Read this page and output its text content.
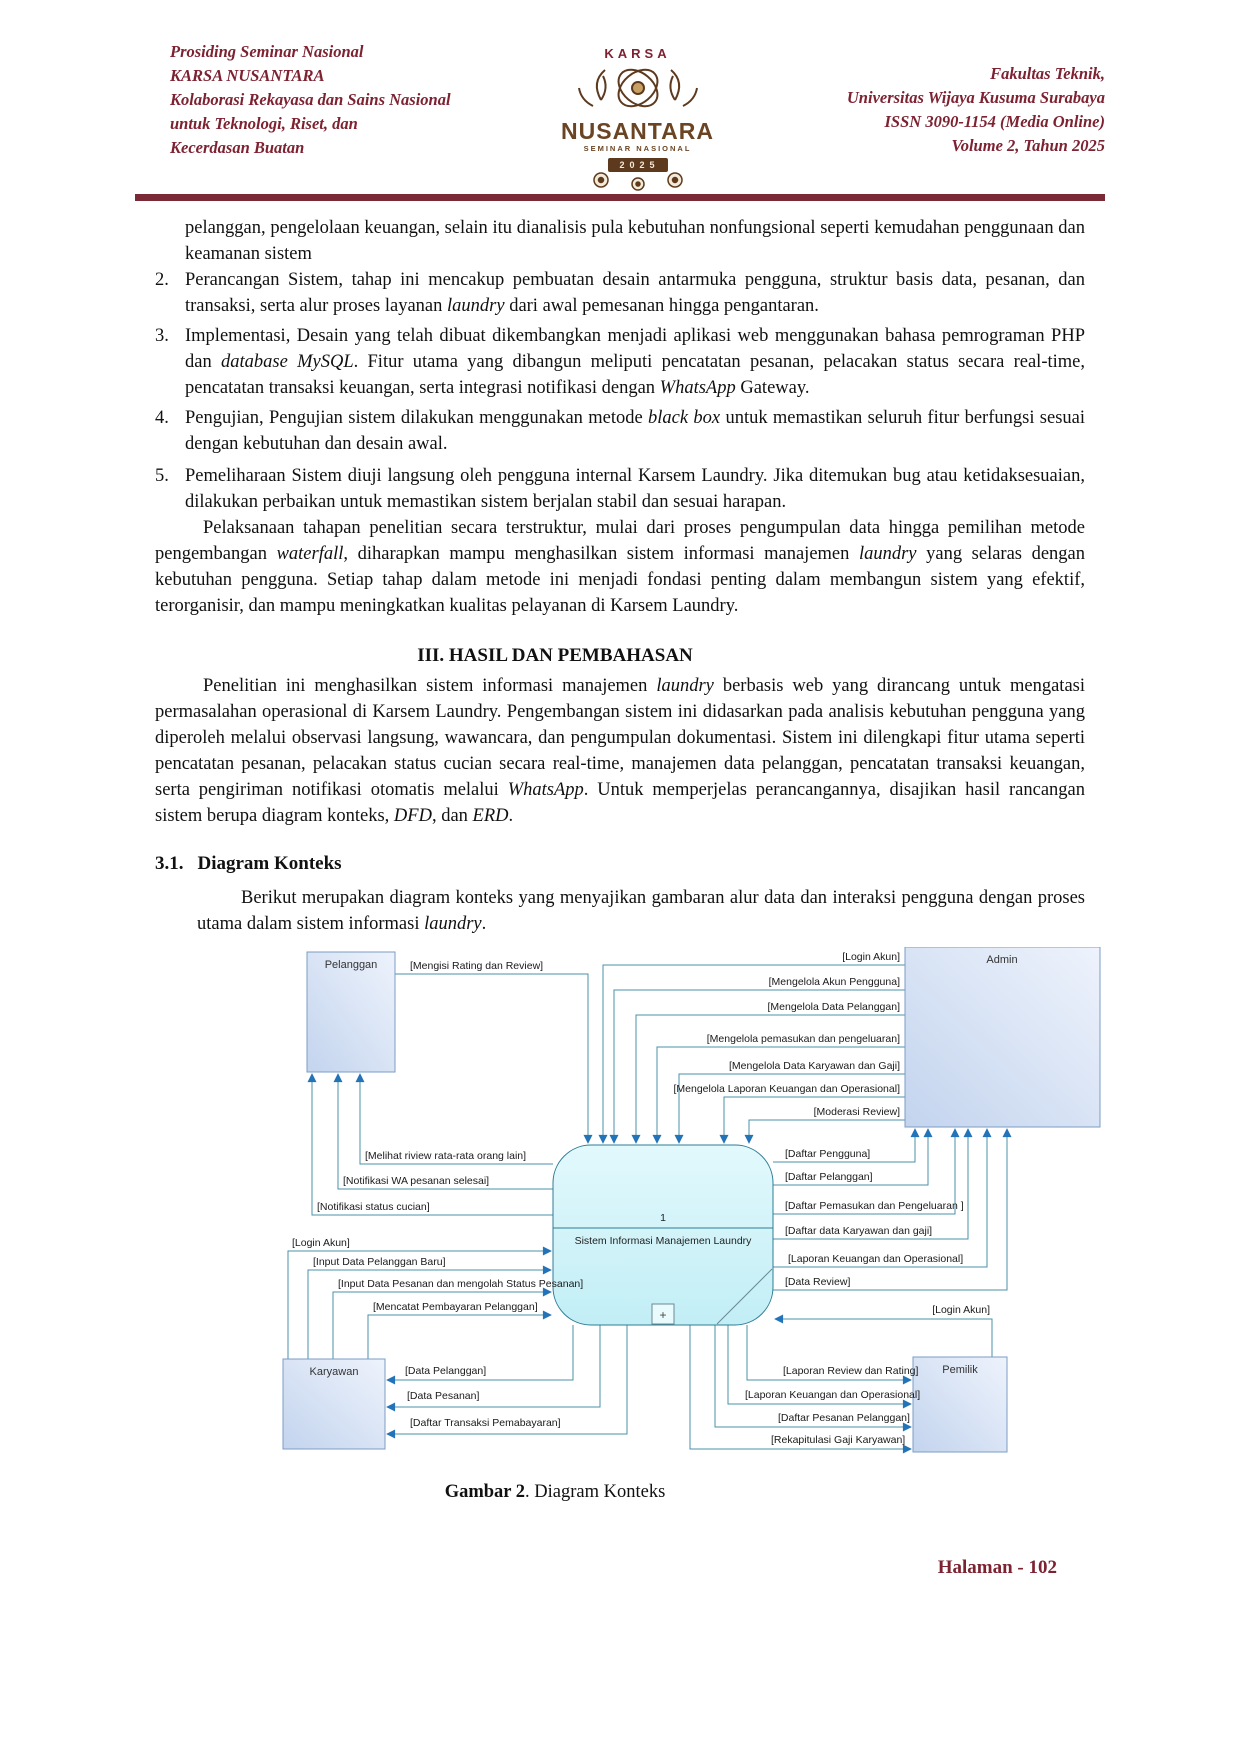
Prosiding Seminar Nasional
KARSA NUSANTARA
Kolaborasi Rekayasa dan Sains Nasional
untuk Teknologi, Riset, dan
Kecerdasan Buatan
KARSA
NUSANTARA
SEMINAR NASIONAL
2025
Fakultas Teknik,
Universitas Wijaya Kusuma Surabaya
ISSN 3090-1154 (Media Online)
Volume 2, Tahun 2025
pelanggan, pengelolaan keuangan, selain itu dianalisis pula kebutuhan nonfungsional seperti kemudahan penggunaan dan keamanan sistem
2. Perancangan Sistem, tahap ini mencakup pembuatan desain antarmuka pengguna, struktur basis data, pesanan, dan transaksi, serta alur proses layanan laundry dari awal pemesanan hingga pengantaran.
3. Implementasi, Desain yang telah dibuat dikembangkan menjadi aplikasi web menggunakan bahasa pemrograman PHP dan database MySQL. Fitur utama yang dibangun meliputi pencatatan pesanan, pelacakan status secara real-time, pencatatan transaksi keuangan, serta integrasi notifikasi dengan WhatsApp Gateway.
4. Pengujian, Pengujian sistem dilakukan menggunakan metode black box untuk memastikan seluruh fitur berfungsi sesuai dengan kebutuhan dan desain awal.
5. Pemeliharaan Sistem diuji langsung oleh pengguna internal Karsem Laundry. Jika ditemukan bug atau ketidaksesuaian, dilakukan perbaikan untuk memastikan sistem berjalan stabil dan sesuai harapan.
Pelaksanaan tahapan penelitian secara terstruktur, mulai dari proses pengumpulan data hingga pemilihan metode pengembangan waterfall, diharapkan mampu menghasilkan sistem informasi manajemen laundry yang selaras dengan kebutuhan pengguna. Setiap tahap dalam metode ini menjadi fondasi penting dalam membangun sistem yang efektif, terorganisir, dan mampu meningkatkan kualitas pelayanan di Karsem Laundry.
III. HASIL DAN PEMBAHASAN
Penelitian ini menghasilkan sistem informasi manajemen laundry berbasis web yang dirancang untuk mengatasi permasalahan operasional di Karsem Laundry. Pengembangan sistem ini didasarkan pada analisis kebutuhan pengguna yang diperoleh melalui observasi langsung, wawancara, dan pengumpulan dokumentasi. Sistem ini dilengkapi fitur utama seperti pencatatan pesanan, pelacakan status cucian secara real-time, manajemen data pelanggan, pencatatan transaksi keuangan, serta pengiriman notifikasi otomatis melalui WhatsApp. Untuk memperjelas perancangannya, disajikan hasil rancangan sistem berupa diagram konteks, DFD, dan ERD.
3.1. Diagram Konteks
Berikut merupakan diagram konteks yang menyajikan gambaran alur data dan interaksi pengguna dengan proses utama dalam sistem informasi laundry.
Pelanggan	Admin
Karyawan	Pemilik
1
Sistem Informasi Manajemen Laundry
+
[Mengisi Rating dan Review]
[Login Akun]
[Mengelola Akun Pengguna]
[Mengelola Data Pelanggan]
[Mengelola pemasukan dan pengeluaran]
[Mengelola Data Karyawan dan Gaji]
[Mengelola Laporan Keuangan dan Operasional]
[Moderasi Review]
[Daftar Pengguna]
[Daftar Pelanggan]
[Daftar Pemasukan dan Pengeluaran ]
[Daftar data Karyawan dan gaji]
[Laporan Keuangan dan Operasional]
[Data Review]
[Login Akun]
[Login Akun]
[Input Data Pelanggan Baru]
[Input Data Pesanan dan mengolah Status Pesanan]
[Mencatat Pembayaran Pelanggan]
[Melihat riview rata-rata orang lain]
[Notifikasi WA pesanan selesai]
[Notifikasi status cucian]
[Data Pelanggan]
[Data Pesanan]
[Daftar Transaksi Pemabayaran]
[Laporan Review dan Rating]
[Laporan Keuangan dan Operasional]
[Daftar Pesanan Pelanggan]
[Rekapitulasi Gaji Karyawan]
Gambar 2. Diagram Konteks
Halaman - 102
